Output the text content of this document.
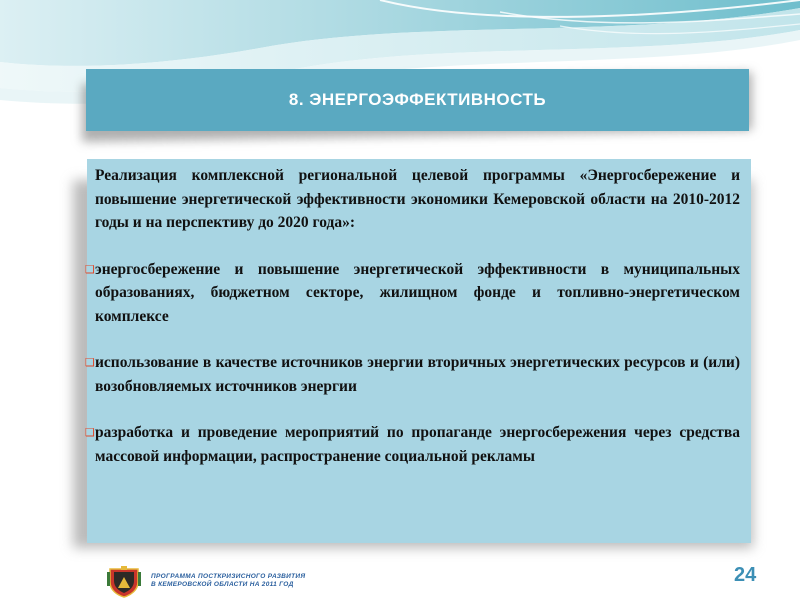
8. ЭНЕРГОЭФФЕКТИВНОСТЬ

Реализация комплексной региональной целевой программы «Энергосбережение и повышение энергетической эффективности экономики Кемеровской области на 2010-2012 годы и на перспективу до 2020 года»:

❑ энергосбережение и повышение энергетической эффективности в муниципальных образованиях, бюджетном секторе, жилищном фонде и топливно-энергетическом комплексе

❑ использование в качестве источников энергии вторичных энергетических ресурсов и (или) возобновляемых источников энергии

❑ разработка и проведение мероприятий по пропаганде энергосбережения через средства массовой информации, распространение социальной рекламы

ПРОГРАММА ПОСТКРИЗИСНОГО РАЗВИТИЯ
В КЕМЕРОВСКОЙ ОБЛАСТИ НА 2011 ГОД	24
